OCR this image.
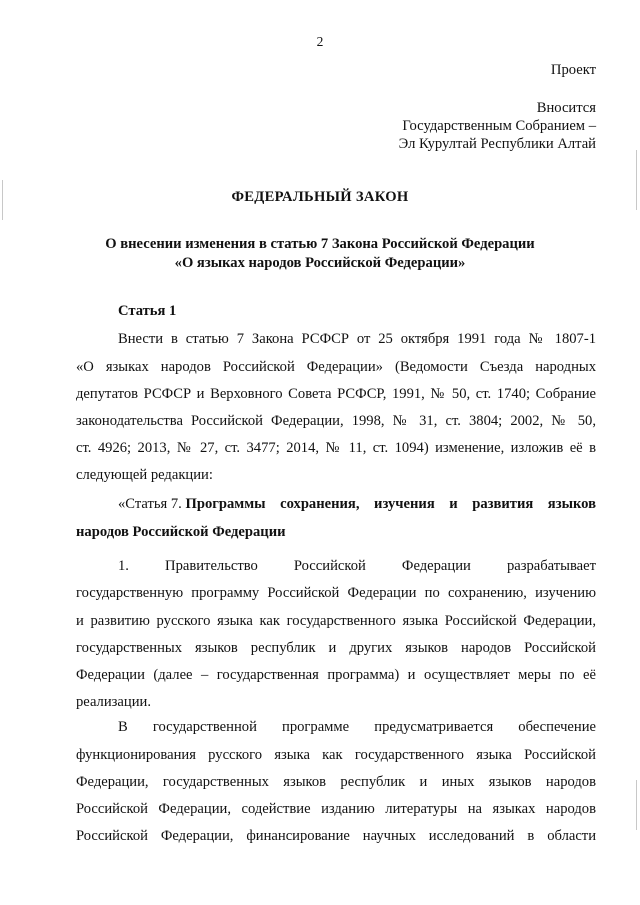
2
Проект
Вносится
Государственным Собранием –
Эл Курултай Республики Алтай
ФЕДЕРАЛЬНЫЙ ЗАКОН
О внесении изменения в статью 7 Закона Российской Федерации
«О языках народов Российской Федерации»
Статья 1
Внести в статью 7 Закона РСФСР от 25 октября 1991 года № 1807-1
«О языках народов Российской Федерации» (Ведомости Съезда народных
депутатов РСФСР и Верховного Совета РСФСР, 1991, № 50, ст. 1740; Собрание
законодательства Российской Федерации, 1998, № 31, ст. 3804; 2002, № 50,
ст. 4926; 2013, № 27, ст. 3477; 2014, № 11, ст. 1094) изменение, изложив её в
следующей редакции:
«Статья 7. Программы сохранения, изучения и развития языков
народов Российской Федерации
1. Правительство Российской Федерации разрабатывает
государственную программу Российской Федерации по сохранению, изучению
и развитию русского языка как государственного языка Российской Федерации,
государственных языков республик и других языков народов Российской
Федерации (далее – государственная программа) и осуществляет меры по её
реализации.
В государственной программе предусматривается обеспечение
функционирования русского языка как государственного языка Российской
Федерации, государственных языков республик и иных языков народов
Российской Федерации, содействие изданию литературы на языках народов
Российской Федерации, финансирование научных исследований в области
